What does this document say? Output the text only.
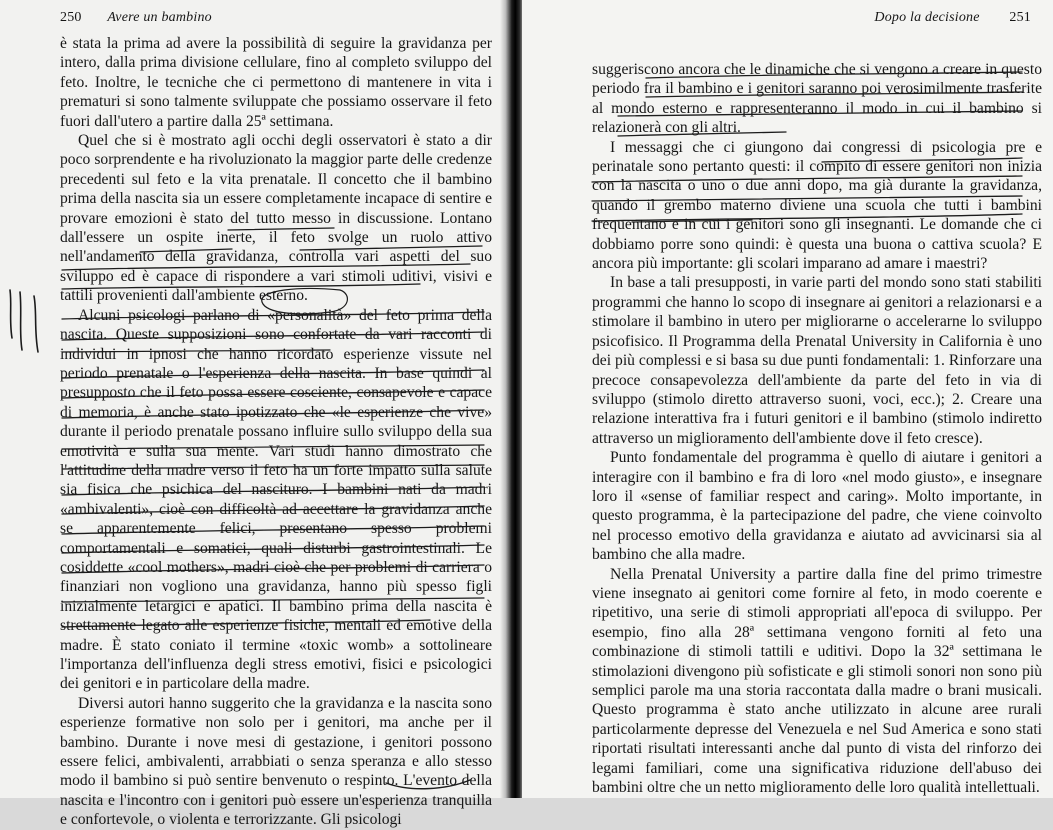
250 Avere un bambino

è stata la prima ad avere la possibilità di seguire la gravidanza per intero, dalla prima divisione cellulare, fino al completo sviluppo del feto. Inoltre, le tecniche che ci permettono di mantenere in vita i prematuri si sono talmente sviluppate che possiamo osservare il feto fuori dall'utero a partire dalla 25ª settimana.

Quel che si è mostrato agli occhi degli osservatori è stato a dir poco sorprendente e ha rivoluzionato la maggior parte delle credenze precedenti sul feto e la vita prenatale. Il concetto che il bambino prima della nascita sia un essere completamente incapace di sentire e provare emozioni è stato del tutto messo in discussione. Lontano dall'essere un ospite inerte, il feto svolge un ruolo attivo nell'andamento della gravidanza, controlla vari aspetti del suo sviluppo ed è capace di rispondere a vari stimoli uditivi, visivi e tattili provenienti dall'ambiente esterno.

Alcuni psicologi parlano di «personalità» del feto prima della nascita. Queste supposizioni sono confortate da vari racconti di individui in ipnosi che hanno ricordato esperienze vissute nel periodo prenatale o l'esperienza della nascita. In base quindi al presupposto che il feto possa essere cosciente, consapevole e capace di memoria, è anche stato ipotizzato che «le esperienze che vive» durante il periodo prenatale possano influire sullo sviluppo della sua emotività e sulla sua mente. Vari studi hanno dimostrato che l'attitudine della madre verso il feto ha un forte impatto sulla salute sia fisica che psichica del nascituro. I bambini nati da madri «ambivalenti», cioè con difficoltà ad accettare la gravidanza anche se apparentemente felici, presentano spesso problemi comportamentali e somatici, quali disturbi gastrointestinali. Le cosiddette «cool mothers», madri cioè che per problemi di carriera o finanziari non vogliono una gravidanza, hanno più spesso figli inizialmente letargici e apatici. Il bambino prima della nascita è strettamente legato alle esperienze fisiche, mentali ed emotive della madre. È stato coniato il termine «toxic womb» a sottolineare l'importanza dell'influenza degli stress emotivi, fisici e psicologici dei genitori e in particolare della madre.

Diversi autori hanno suggerito che la gravidanza e la nascita sono esperienze formative non solo per i genitori, ma anche per il bambino. Durante i nove mesi di gestazione, i genitori possono essere felici, ambivalenti, arrabbiati o senza speranza e allo stesso modo il bambino si può sentire benvenuto o respinto. L'evento della nascita e l'incontro con i genitori può essere un'esperienza tranquilla e confortevole, o violenta e terrorizzante. Gli psicologi

Dopo la decisione 251

suggeriscono ancora che le dinamiche che si vengono a creare in questo periodo fra il bambino e i genitori saranno poi verosimilmente trasferite al mondo esterno e rappresenteranno il modo in cui il bambino si relazionerà con gli altri.

I messaggi che ci giungono dai congressi di psicologia pre e perinatale sono pertanto questi: il compito di essere genitori non inizia con la nascita o uno o due anni dopo, ma già durante la gravidanza, quando il grembo materno diviene una scuola che tutti i bambini frequentano e in cui i genitori sono gli insegnanti. Le domande che ci dobbiamo porre sono quindi: è questa una buona o cattiva scuola? E ancora più importante: gli scolari imparano ad amare i maestri?

In base a tali presupposti, in varie parti del mondo sono stati stabiliti programmi che hanno lo scopo di insegnare ai genitori a relazionarsi e a stimolare il bambino in utero per migliorarne o accelerarne lo sviluppo psicofisico. Il Programma della Prenatal University in California è uno dei più complessi e si basa su due punti fondamentali: 1. Rinforzare una precoce consapevolezza dell'ambiente da parte del feto in via di sviluppo (stimolo diretto attraverso suoni, voci, ecc.); 2. Creare una relazione interattiva fra i futuri genitori e il bambino (stimolo indiretto attraverso un miglioramento dell'ambiente dove il feto cresce).

Punto fondamentale del programma è quello di aiutare i genitori a interagire con il bambino e fra di loro «nel modo giusto», e insegnare loro il «sense of familiar respect and caring». Molto importante, in questo programma, è la partecipazione del padre, che viene coinvolto nel processo emotivo della gravidanza e aiutato ad avvicinarsi sia al bambino che alla madre.

Nella Prenatal University a partire dalla fine del primo trimestre viene insegnato ai genitori come fornire al feto, in modo coerente e ripetitivo, una serie di stimoli appropriati all'epoca di sviluppo. Per esempio, fino alla 28ª settimana vengono forniti al feto una combinazione di stimoli tattili e uditivi. Dopo la 32ª settimana le stimolazioni divengono più sofisticate e gli stimoli sonori non sono più semplici parole ma una storia raccontata dalla madre o brani musicali. Questo programma è stato anche utilizzato in alcune aree rurali particolarmente depresse del Venezuela e nel Sud America e sono stati riportati risultati interessanti anche dal punto di vista del rinforzo dei legami familiari, come una significativa riduzione dell'abuso dei bambini oltre che un netto miglioramento delle loro qualità intellettuali.
